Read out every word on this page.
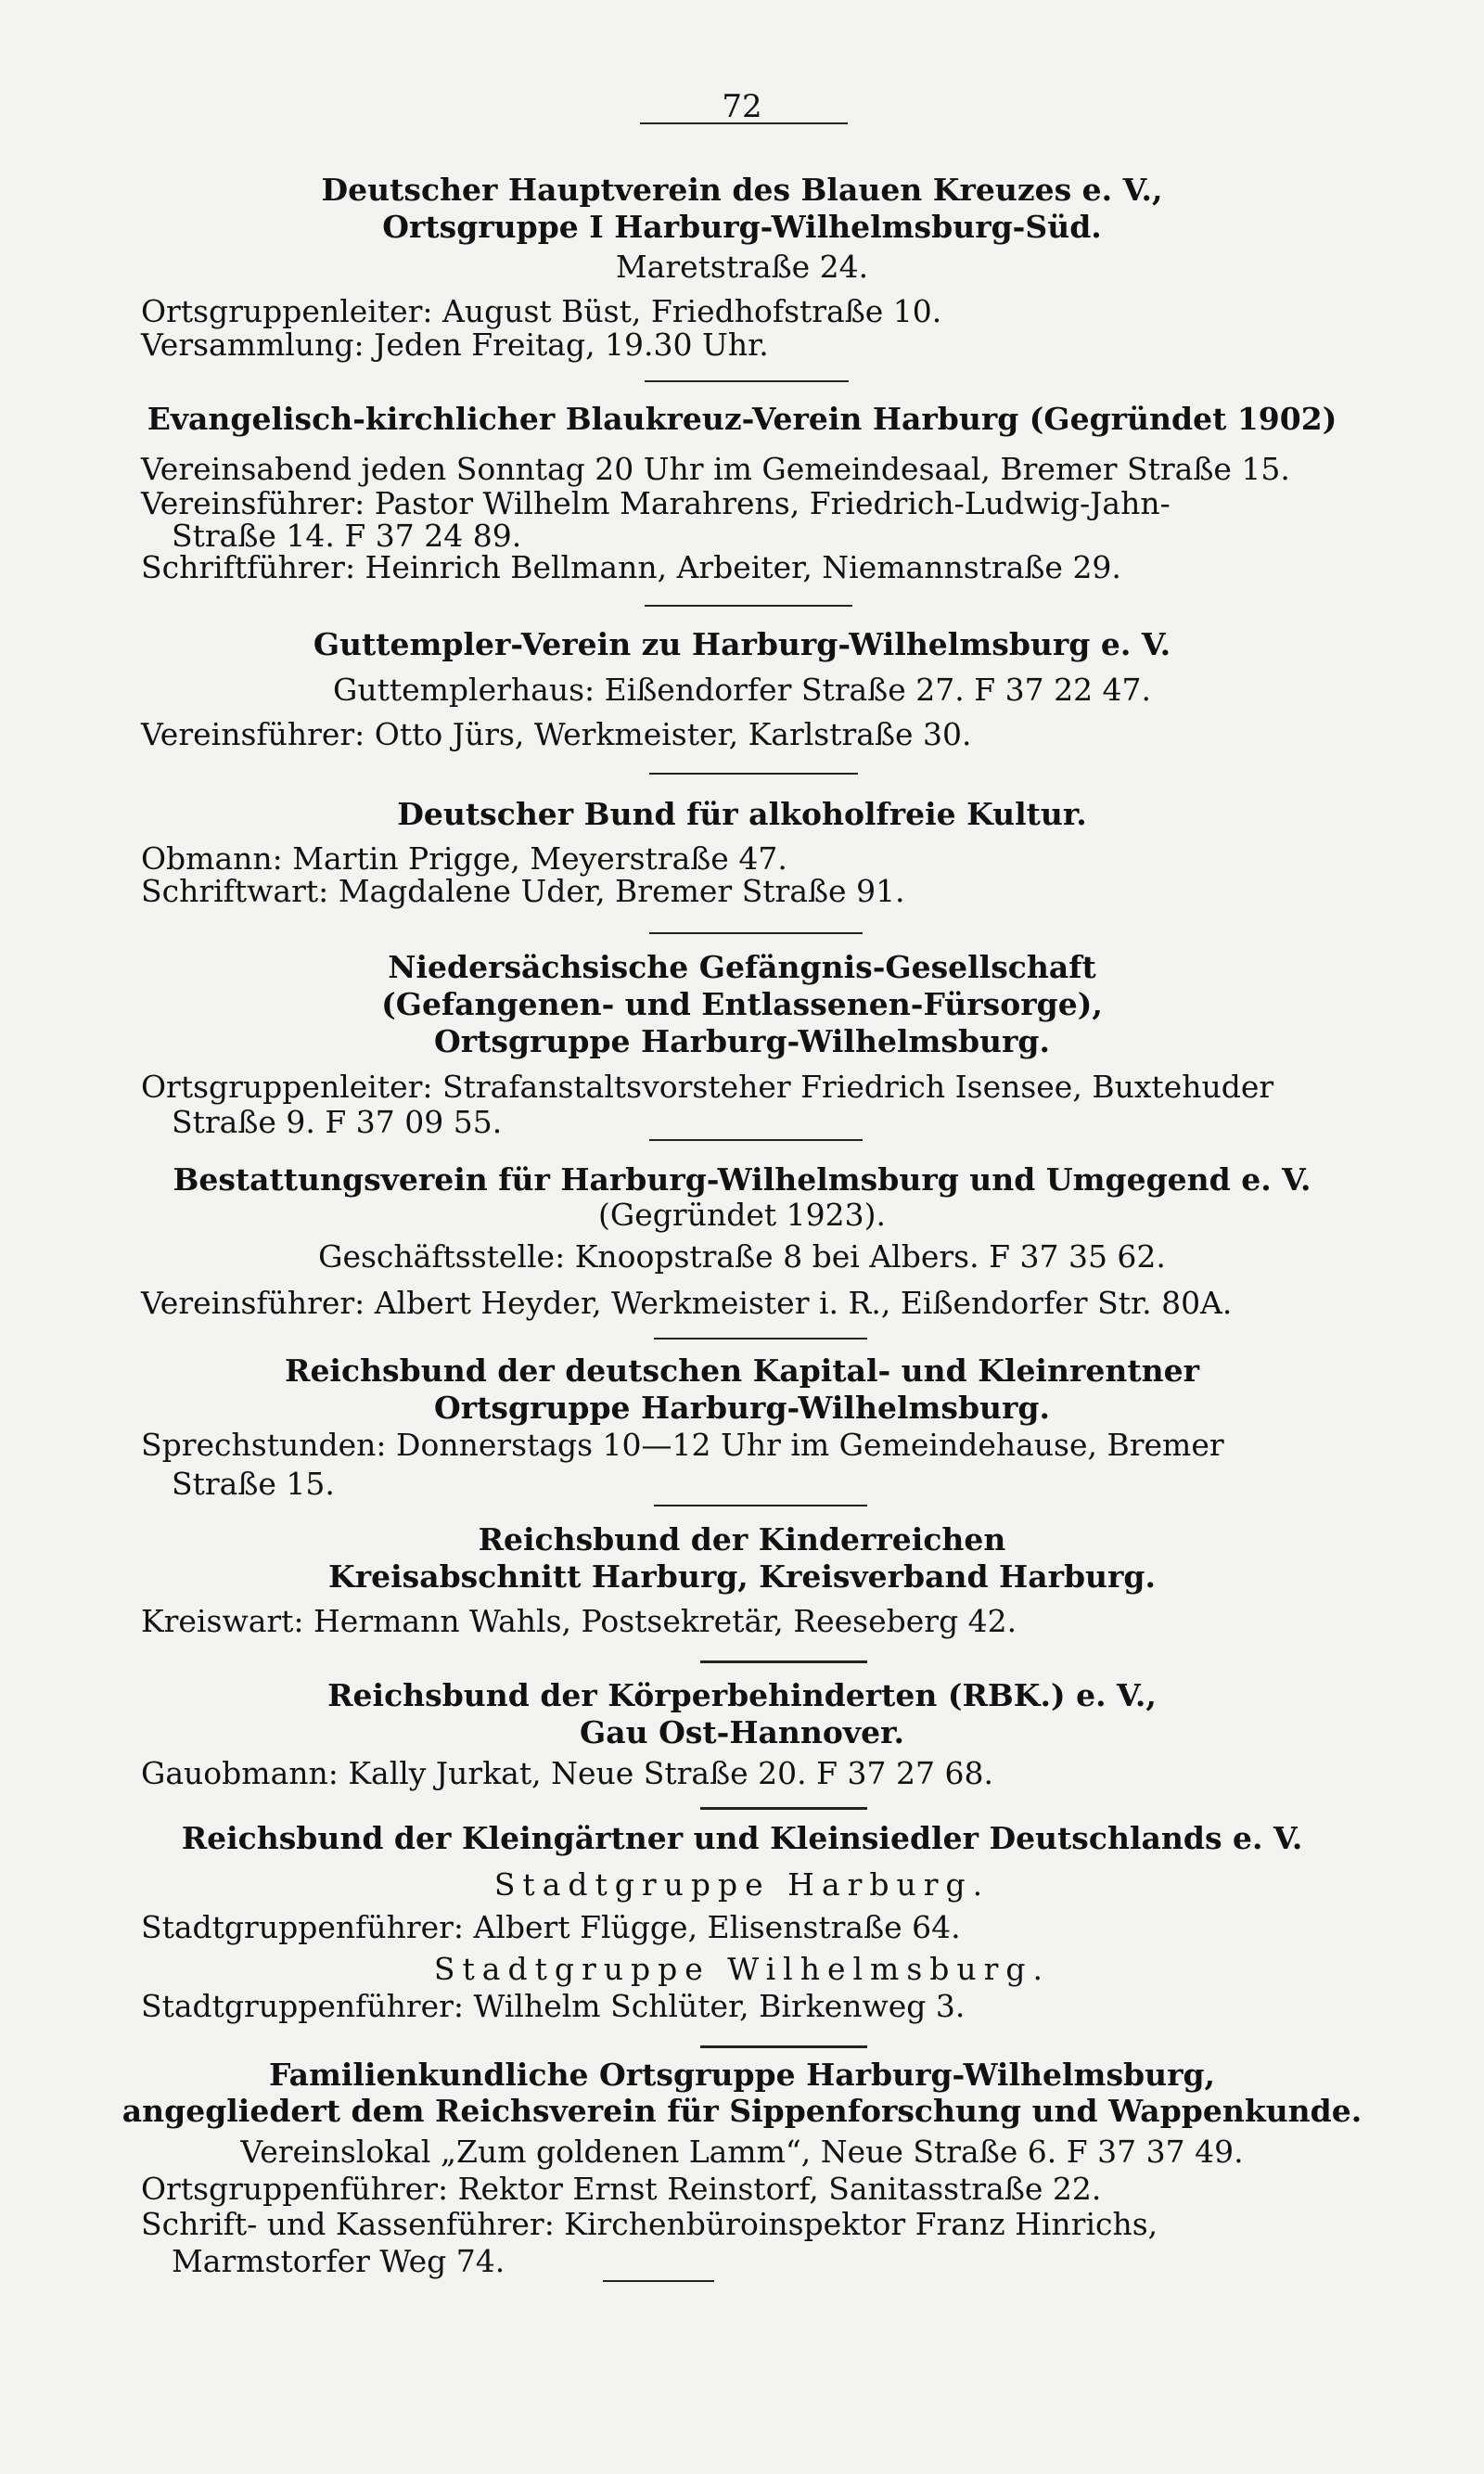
72
Deutscher Hauptverein des Blauen Kreuzes e. V.,
Ortsgruppe I Harburg-Wilhelmsburg-Süd.
Maretstraße 24.
Ortsgruppenleiter: August Büst, Friedhofstraße 10.
Versammlung: Jeden Freitag, 19.30 Uhr.
Evangelisch-kirchlicher Blaukreuz-Verein Harburg (Gegründet 1902)
Vereinsabend jeden Sonntag 20 Uhr im Gemeindesaal, Bremer Straße 15.
Vereinsführer: Pastor Wilhelm Marahrens, Friedrich-Ludwig-Jahn-
Straße 14. F 37 24 89.
Schriftführer: Heinrich Bellmann, Arbeiter, Niemannstraße 29.
Guttempler-Verein zu Harburg-Wilhelmsburg e. V.
Guttemplerhaus: Eißendorfer Straße 27. F 37 22 47.
Vereinsführer: Otto Jürs, Werkmeister, Karlstraße 30.
Deutscher Bund für alkoholfreie Kultur.
Obmann: Martin Prigge, Meyerstraße 47.
Schriftwart: Magdalene Uder, Bremer Straße 91.
Niedersächsische Gefängnis-Gesellschaft
(Gefangenen- und Entlassenen-Fürsorge),
Ortsgruppe Harburg-Wilhelmsburg.
Ortsgruppenleiter: Strafanstaltsvorsteher Friedrich Isensee, Buxtehuder
Straße 9. F 37 09 55.
Bestattungsverein für Harburg-Wilhelmsburg und Umgegend e. V.
(Gegründet 1923).
Geschäftsstelle: Knoopstraße 8 bei Albers. F 37 35 62.
Vereinsführer: Albert Heyder, Werkmeister i. R., Eißendorfer Str. 80A.
Reichsbund der deutschen Kapital- und Kleinrentner
Ortsgruppe Harburg-Wilhelmsburg.
Sprechstunden: Donnerstags 10—12 Uhr im Gemeindehause, Bremer
Straße 15.
Reichsbund der Kinderreichen
Kreisabschnitt Harburg, Kreisverband Harburg.
Kreiswart: Hermann Wahls, Postsekretär, Reeseberg 42.
Reichsbund der Körperbehinderten (RBK.) e. V.,
Gau Ost-Hannover.
Gauobmann: Kally Jurkat, Neue Straße 20. F 37 27 68.
Reichsbund der Kleingärtner und Kleinsiedler Deutschlands e. V.
Stadtgruppe Harburg.
Stadtgruppenführer: Albert Flügge, Elisenstraße 64.
Stadtgruppe Wilhelmsburg.
Stadtgruppenführer: Wilhelm Schlüter, Birkenweg 3.
Familienkundliche Ortsgruppe Harburg-Wilhelmsburg,
angegliedert dem Reichsverein für Sippenforschung und Wappenkunde.
Vereinslokal „Zum goldenen Lamm“, Neue Straße 6. F 37 37 49.
Ortsgruppenführer: Rektor Ernst Reinstorf, Sanitasstraße 22.
Schrift- und Kassenführer: Kirchenbüroinspektor Franz Hinrichs,
Marmstorfer Weg 74.
